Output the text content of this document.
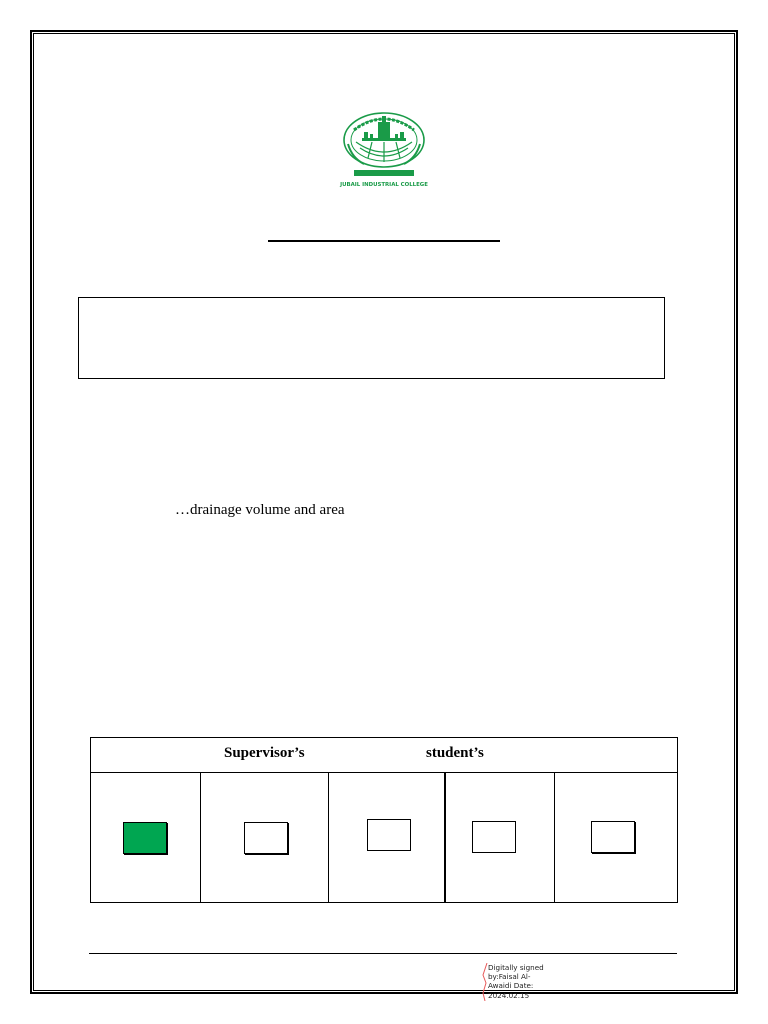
JUBAIL INDUSTRIAL COLLEGE
…drainage volume and area
Supervisor’s	student’s
Digitally signed
by:Faisal Al-
Awaidi Date:
2024.02.15
